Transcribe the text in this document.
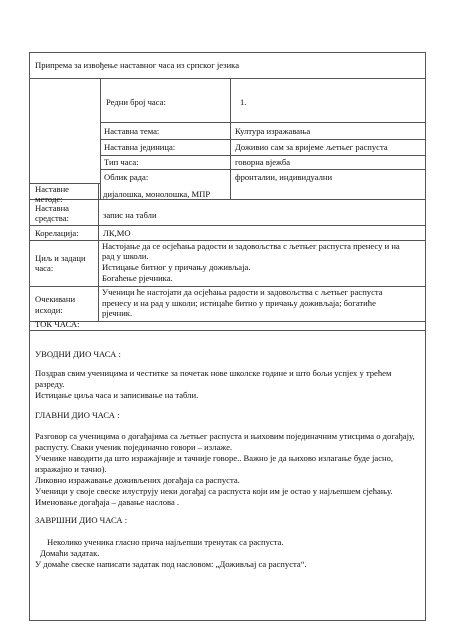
Припрема за извођење наставног часа из српског језика
Редни број часа:	1.
Наставна тема:	Култура изражавања
Наставна јединица:	Доживио сам за вријеме љетњег распуста
Тип часа:	говорна вјежба
Облик рада:	фронталии, индивидуални
Наставне
методе:	дијалошка, монолошка, МПР
Наставна
средства:	запис на табли
Корелација:	ЛК,МО
Циљ и задаци
часа:
Настојање да се осјећања радости и задовољства с љетњег распуста пренесу и на
рад у школи.
Истицање битног у причању доживљаја.
Богаћење рјечника.
Очекивани
исходи:
Ученици ће настојати да осјећања радости и задовољства с љетњег распуста
пренесу и на рад у школи; истицаће битно у причању доживљаја; богатиће
рјечник.
ТОК ЧАСА:
УВОДНИ ДИО ЧАСА :

Поздрав свим ученицима и честитке за почетак нове школске године и што бољи успјех у трећем разреду.

Истицање циља часа и записивање на табли.

ГЛАВНИ ДИО ЧАСА :

Разговор са ученицима о догађајима са љетњег распуста и њиховим појединачним утисцима о догађају, распусту. Сваки ученик појединачно говори – излаже.

Ученике наводити да што изражајније и тачније говоре.. Важно је да њихово излагање буде јасно, изражајно и тачно).

Ликовно изражавање доживљених догађаја са распуста.

Ученици у своје свеске илуструју неки догађај са распуста који им је остао у најљепшем сјећању. Именовање догађаја – давање наслова .

ЗАВРШНИ ДИО ЧАСА :

Неколико ученика гласно прича најљепши тренутак са распуста.

Домаћи задатак.

У домаће свеске написати задатак под насловом: „Доживљај са распуста“.
